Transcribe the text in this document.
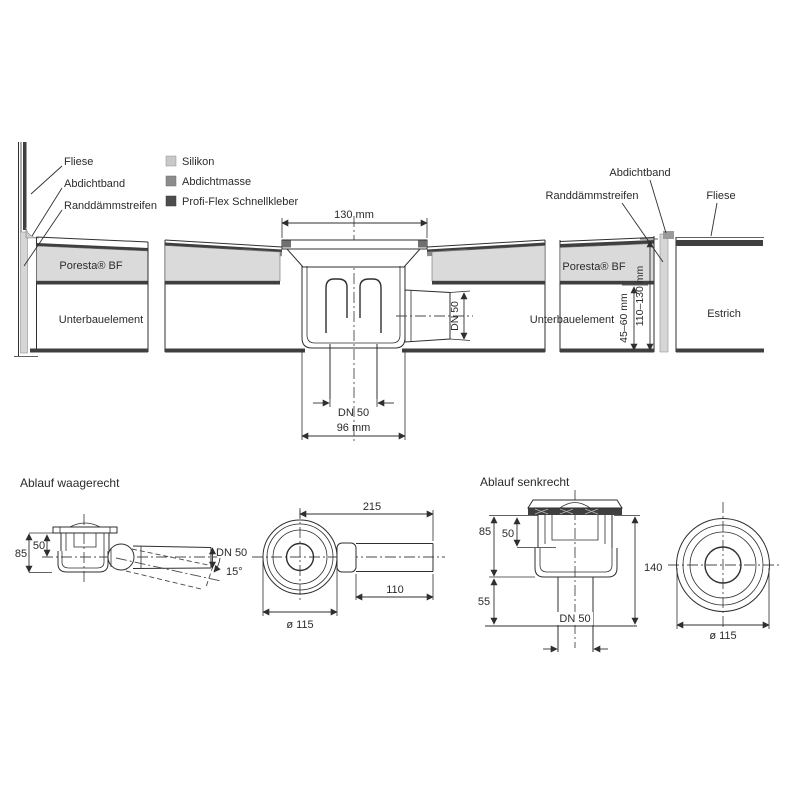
Poresta® BF
Unterbauelement
Fliese
Abdichtband
Randdämmstreifen
Silikon
Abdichtmasse
Profi-Flex Schnellkleber
130 mm
DN 50
DN 50
96 mm
Poresta® BF
Unterbauelement	Estrich
Abdichtband
Randdämmstreifen	Fliese
45–60 mm 110–130 mm
Ablauf waagerecht
85
50
DN 50
15°
215
110
ø 115
Ablauf senkrecht
DN 50
85 50
140
55
ø 115
